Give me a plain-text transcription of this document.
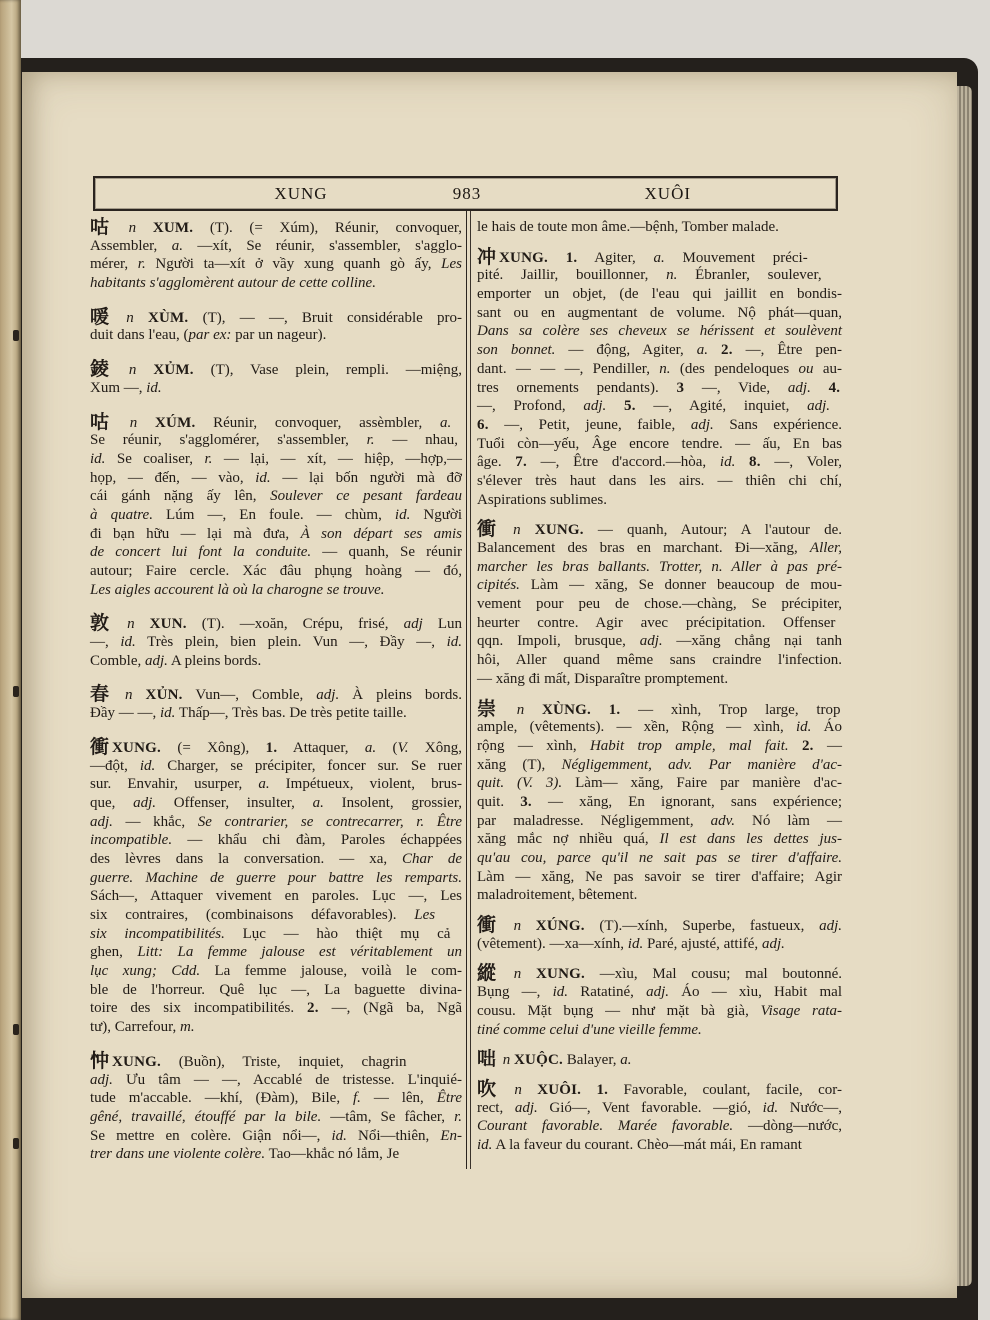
XUNG	983	XUÔI
咕 n XUM. (T). (= Xúm), Réunir, convoquer,
Assembler, a. —xít, Se réunir, s'assembler, s'agglo-
mérer, r. Người ta—xít ở vầy xung quanh gò ấy, Les
habitants s'agglomèrent autour de cette colline.
喛 n XÙM. (T), — —, Bruit considérable pro-
duit dans l'eau, (par ex: par un nageur).
錂 n XỦM. (T), Vase plein, rempli. —miệng,
Xum —, id.
咕 n XÚM. Réunir, convoquer, assèmbler, a.
Se réunir, s'agglomérer, s'assembler, r. — nhau,
id. Se coaliser, r. — lại, — xít, — hiệp, —hợp,—
họp, — đến, — vào, id. — lại bốn người mà đỡ
cái gánh nặng ấy lên, Soulever ce pesant fardeau
à quatre. Lúm —, En foule. — chùm, id. Người
đi bạn hữu — lại mà đưa, À son départ ses amis
de concert lui font la conduite. — quanh, Se réunir
autour; Faire cercle. Xác đâu phụng hoàng — đó,
Les aigles accourent là où la charogne se trouve.
敦 n XUN. (T). —xoăn, Crépu, frisé, adj Lun
—, id. Très plein, bien plein. Vun —, Đầy —, id.
Comble, adj. A pleins bords.
春 n XỦN. Vun—, Comble, adj. À pleins bords.
Đầy — —, id. Thấp—, Très bas. De très petite taille.
衝 XUNG. (= Xông), 1. Attaquer, a. (V. Xông,
—đột, id. Charger, se précipiter, foncer sur. Se ruer
sur. Envahir, usurper, a. Impétueux, violent, brus-
que, adj. Offenser, insulter, a. Insolent, grossier,
adj. — khắc, Se contrarier, se contrecarrer, r. Être
incompatible. — khẩu chi đàm, Paroles échappées
des lèvres dans la conversation. — xa, Char de
guerre. Machine de guerre pour battre les remparts.
Sách—, Attaquer vivement en paroles. Lục —, Les
six contraires, (combinaisons défavorables). Les
six incompatibilités. Lục — hào thiệt mụ cả
ghen, Litt: La femme jalouse est véritablement un
lục xung; Cdd. La femme jalouse, voilà le com-
ble de l'horreur. Quê lục —, La baguette divina-
toire des six incompatibilités. 2. —, (Ngã ba, Ngã
tư), Carrefour, m.
忡 XUNG. (Buồn), Triste, inquiet, chagrin
adj. Ưu tâm — —, Accablé de tristesse. L'inquié-
tude m'accable. —khí, (Đàm), Bile, f. — lên, Être
gêné, travaillé, étouffé par la bile. —tâm, Se fâcher, r.
Se mettre en colère. Giận nổi—, id. Nổi—thiên, En-
trer dans une violente colère. Tao—khắc nó lắm, Je
le hais de toute mon âme.—bệnh, Tomber malade.
冲 XUNG. 1. Agiter, a. Mouvement préci-
pité. Jaillir, bouillonner, n. Ébranler, soulever,
emporter un objet, (de l'eau qui jaillit en bondis-
sant ou en augmentant de volume. Nộ phát—quan,
Dans sa colère ses cheveux se hérissent et soulèvent
son bonnet. — động, Agiter, a. 2. —, Être pen-
dant. — — —, Pendiller, n. (des pendeloques ou au-
tres ornements pendants). 3 —, Vide, adj. 4.
—, Profond, adj. 5. —, Agité, inquiet, adj.
6. —, Petit, jeune, faible, adj. Sans expérience.
Tuổi còn—yếu, Âge encore tendre. — ấu, En bas
âge. 7. —, Être d'accord.—hòa, id. 8. —, Voler,
s'élever très haut dans les airs. — thiên chi chí,
Aspirations sublimes.
衝 n XUNG. — quanh, Autour; A l'autour de.
Balancement des bras en marchant. Đi—xăng, Aller,
marcher les bras ballants. Trotter, n. Aller à pas pré-
cipités. Làm — xăng, Se donner beaucoup de mou-
vement pour peu de chose.—chàng, Se précipiter,
heurter contre. Agir avec précipitation. Offenser
qqn. Impoli, brusque, adj. —xăng chẳng nại tanh
hôi, Aller quand même sans craindre l'infection.
— xăng đi mất, Disparaître promptement.
崇 n XÙNG. 1. — xình, Trop large, trop
ample, (vêtements). — xền, Rộng — xình, id. Áo
rộng — xình, Habit trop ample, mal fait. 2. —
xăng (T), Négligemment, adv. Par manière d'ac-
quit. (V. 3). Làm— xăng, Faire par manière d'ac-
quit. 3. — xăng, En ignorant, sans expérience;
par maladresse. Négligemment, adv. Nó làm —
xăng mắc nợ nhiều quá, Il est dans les dettes jus-
qu'au cou, parce qu'il ne sait pas se tirer d'affaire.
Làm — xăng, Ne pas savoir se tirer d'affaire; Agir
maladroitement, bêtement.
衝 n XÚNG. (T).—xính, Superbe, fastueux, adj.
(vêtement). —xa—xính, id. Paré, ajusté, attifé, adj.
縱 n XUNG. —xìu, Mal cousu; mal boutonné.
Bụng —, id. Ratatiné, adj. Áo — xìu, Habit mal
cousu. Mặt bụng — như mặt bà già, Visage rata-
tiné comme celui d'une vieille femme.
咄 n XUỘC. Balayer, a.
吹 n XUÔI. 1. Favorable, coulant, facile, cor-
rect, adj. Gió—, Vent favorable. —gió, id. Nước—,
Courant favorable. Marée favorable. —dòng—nước,
id. A la faveur du courant. Chèo—mát mái, En ramant
